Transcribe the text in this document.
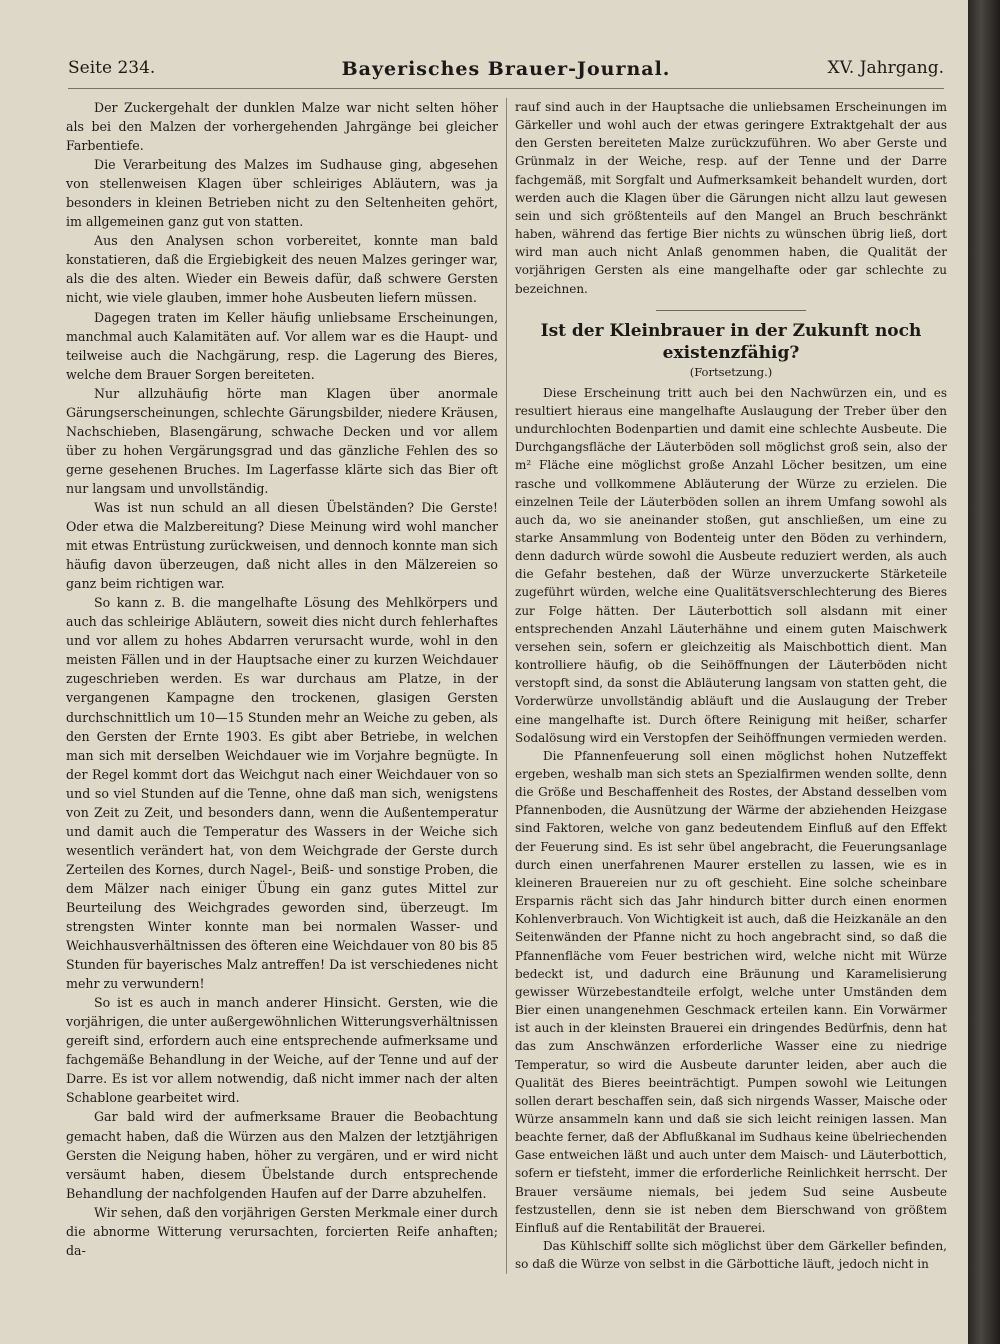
Seite 234.	Bayerisches Brauer-Journal.	XV. Jahrgang.

Der Zuckergehalt der dunklen Malze war nicht selten höher als bei den Malzen der vorhergehenden Jahrgänge bei gleicher Farbentiefe.

Die Verarbeitung des Malzes im Sudhause ging, abgesehen von stellenweisen Klagen über schleiriges Abläutern, was ja besonders in kleinen Betrieben nicht zu den Seltenheiten gehört, im allgemeinen ganz gut von statten.

Aus den Analysen schon vorbereitet, konnte man bald konstatieren, daß die Ergiebigkeit des neuen Malzes geringer war, als die des alten. Wieder ein Beweis dafür, daß schwere Gersten nicht, wie viele glauben, immer hohe Ausbeuten liefern müssen.

Dagegen traten im Keller häufig unliebsame Erscheinungen, manchmal auch Kalamitäten auf. Vor allem war es die Haupt- und teilweise auch die Nachgärung, resp. die Lagerung des Bieres, welche dem Brauer Sorgen bereiteten.

Nur allzuhäufig hörte man Klagen über anormale Gärungserscheinungen, schlechte Gärungsbilder, niedere Kräusen, Nachschieben, Blasengärung, schwache Decken und vor allem über zu hohen Vergärungsgrad und das gänzliche Fehlen des so gerne gesehenen Bruches. Im Lagerfasse klärte sich das Bier oft nur langsam und unvollständig.

Was ist nun schuld an all diesen Übelständen? Die Gerste! Oder etwa die Malzbereitung? Diese Meinung wird wohl mancher mit etwas Entrüstung zurückweisen, und dennoch konnte man sich häufig davon überzeugen, daß nicht alles in den Mälzereien so ganz beim richtigen war.

So kann z. B. die mangelhafte Lösung des Mehlkörpers und auch das schleirige Abläutern, soweit dies nicht durch fehlerhaftes und vor allem zu hohes Abdarren verursacht wurde, wohl in den meisten Fällen und in der Hauptsache einer zu kurzen Weichdauer zugeschrieben werden. Es war durchaus am Platze, in der vergangenen Kampagne den trockenen, glasigen Gersten durchschnittlich um 10—15 Stunden mehr an Weiche zu geben, als den Gersten der Ernte 1903. Es gibt aber Betriebe, in welchen man sich mit derselben Weichdauer wie im Vorjahre begnügte. In der Regel kommt dort das Weichgut nach einer Weichdauer von so und so viel Stunden auf die Tenne, ohne daß man sich, wenigstens von Zeit zu Zeit, und besonders dann, wenn die Außentemperatur und damit auch die Temperatur des Wassers in der Weiche sich wesentlich verändert hat, von dem Weichgrade der Gerste durch Zerteilen des Kornes, durch Nagel-, Beiß- und sonstige Proben, die dem Mälzer nach einiger Übung ein ganz gutes Mittel zur Beurteilung des Weichgrades geworden sind, überzeugt. Im strengsten Winter konnte man bei normalen Wasser- und Weichhausverhältnissen des öfteren eine Weichdauer von 80 bis 85 Stunden für bayerisches Malz antreffen! Da ist verschiedenes nicht mehr zu verwundern!

So ist es auch in manch anderer Hinsicht. Gersten, wie die vorjährigen, die unter außergewöhnlichen Witterungsverhältnissen gereift sind, erfordern auch eine entsprechende aufmerksame und fachgemäße Behandlung in der Weiche, auf der Tenne und auf der Darre. Es ist vor allem notwendig, daß nicht immer nach der alten Schablone gearbeitet wird.

Gar bald wird der aufmerksame Brauer die Beobachtung gemacht haben, daß die Würzen aus den Malzen der letztjährigen Gersten die Neigung haben, höher zu vergären, und er wird nicht versäumt haben, diesem Übelstande durch entsprechende Behandlung der nachfolgenden Haufen auf der Darre abzuhelfen.

Wir sehen, daß den vorjährigen Gersten Merkmale einer durch die abnorme Witterung verursachten, forcierten Reife anhaften; da-

rauf sind auch in der Hauptsache die unliebsamen Erscheinungen im Gärkeller und wohl auch der etwas geringere Extraktgehalt der aus den Gersten bereiteten Malze zurückzuführen. Wo aber Gerste und Grünmalz in der Weiche, resp. auf der Tenne und der Darre fachgemäß, mit Sorgfalt und Aufmerksamkeit behandelt wurden, dort werden auch die Klagen über die Gärungen nicht allzu laut gewesen sein und sich größtenteils auf den Mangel an Bruch beschränkt haben, während das fertige Bier nichts zu wünschen übrig ließ, dort wird man auch nicht Anlaß genommen haben, die Qualität der vorjährigen Gersten als eine mangelhafte oder gar schlechte zu bezeichnen.

Ist der Kleinbrauer in der Zukunft noch existenzfähig?
(Fortsetzung.)

Diese Erscheinung tritt auch bei den Nachwürzen ein, und es resultiert hieraus eine mangelhafte Auslaugung der Treber über den undurchlochten Bodenpartien und damit eine schlechte Ausbeute. Die Durchgangsfläche der Läuterböden soll möglichst groß sein, also der m² Fläche eine möglichst große Anzahl Löcher besitzen, um eine rasche und vollkommene Abläuterung der Würze zu erzielen. Die einzelnen Teile der Läuterböden sollen an ihrem Umfang sowohl als auch da, wo sie aneinander stoßen, gut anschließen, um eine zu starke Ansammlung von Bodenteig unter den Böden zu verhindern, denn dadurch würde sowohl die Ausbeute reduziert werden, als auch die Gefahr bestehen, daß der Würze unverzuckerte Stärketeile zugeführt würden, welche eine Qualitätsverschlechterung des Bieres zur Folge hätten. Der Läuterbottich soll alsdann mit einer entsprechenden Anzahl Läuterhähne und einem guten Maischwerk versehen sein, sofern er gleichzeitig als Maischbottich dient. Man kontrolliere häufig, ob die Seihöffnungen der Läuterböden nicht verstopft sind, da sonst die Abläuterung langsam von statten geht, die Vorderwürze unvollständig abläuft und die Auslaugung der Treber eine mangelhafte ist. Durch öftere Reinigung mit heißer, scharfer Sodalösung wird ein Verstopfen der Seihöffnungen vermieden werden.

Die Pfannenfeuerung soll einen möglichst hohen Nutzeffekt ergeben, weshalb man sich stets an Spezialfirmen wenden sollte, denn die Größe und Beschaffenheit des Rostes, der Abstand desselben vom Pfannenboden, die Ausnützung der Wärme der abziehenden Heizgase sind Faktoren, welche von ganz bedeutendem Einfluß auf den Effekt der Feuerung sind. Es ist sehr übel angebracht, die Feuerungsanlage durch einen unerfahrenen Maurer erstellen zu lassen, wie es in kleineren Brauereien nur zu oft geschieht. Eine solche scheinbare Ersparnis rächt sich das Jahr hindurch bitter durch einen enormen Kohlenverbrauch. Von Wichtigkeit ist auch, daß die Heizkanäle an den Seitenwänden der Pfanne nicht zu hoch angebracht sind, so daß die Pfannenfläche vom Feuer bestrichen wird, welche nicht mit Würze bedeckt ist, und dadurch eine Bräunung und Karamelisierung gewisser Würzebestandteile erfolgt, welche unter Umständen dem Bier einen unangenehmen Geschmack erteilen kann. Ein Vorwärmer ist auch in der kleinsten Brauerei ein dringendes Bedürfnis, denn hat das zum Anschwänzen erforderliche Wasser eine zu niedrige Temperatur, so wird die Ausbeute darunter leiden, aber auch die Qualität des Bieres beeinträchtigt. Pumpen sowohl wie Leitungen sollen derart beschaffen sein, daß sich nirgends Wasser, Maische oder Würze ansammeln kann und daß sie sich leicht reinigen lassen. Man beachte ferner, daß der Abflußkanal im Sudhaus keine übelriechenden Gase entweichen läßt und auch unter dem Maisch- und Läuterbottich, sofern er tiefsteht, immer die erforderliche Reinlichkeit herrscht. Der Brauer versäume niemals, bei jedem Sud seine Ausbeute festzustellen, denn sie ist neben dem Bierschwand von größtem Einfluß auf die Rentabilität der Brauerei.

Das Kühlschiff sollte sich möglichst über dem Gärkeller befinden, so daß die Würze von selbst in die Gärbottiche läuft, jedoch nicht in
